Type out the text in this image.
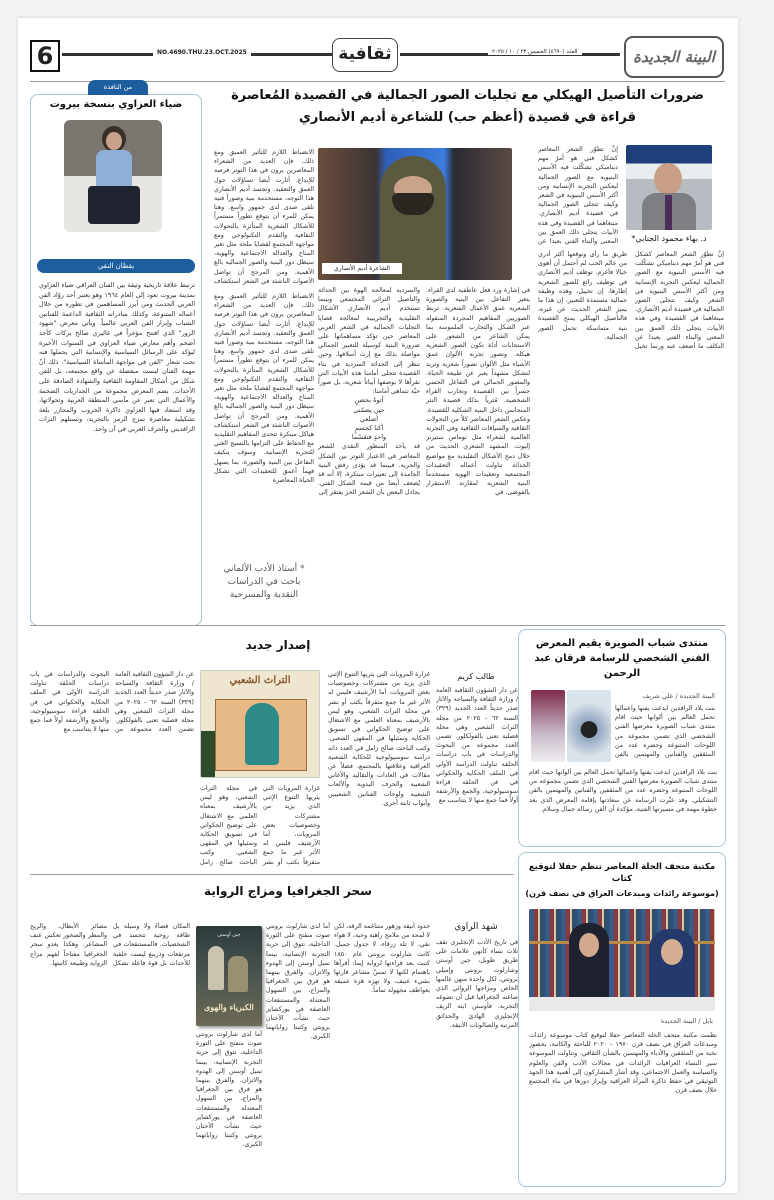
6	NO.4690.THU.23.OCT.2025	ثقافية	العدد (٤٦٩٠) الخميس ٢٣ / ١٠ / ٢٠٢٥	البينة الجديدة
ضرورات التأصيل الهيكلي مع تجليات الصور الجمالية في القصيدة المُعاصرة
قراءة في قصيدة (أعظم حب) للشاعرة أديم الأنصاري
د. بهاء محمود الجنابي*
إنَّ تطوّر الشعر المعاصر كشكل فني هو أمرٌ مهم ديناميكي تشكّلت فيه الأسس البنيوية مع الصور الجمالية ليعكس التجربة الإنسانية ومن أكثر الأسس البنيوية في الشعر وكيف تتجلى الصور الجمالية في قصيدة أديم الأنصاري. مبتغاهما في القصيدة وفي هذه الأبيات يتجلى ذلك العمق بين المعنى والبناء الفني بعيدا عن
إنَّ تطوّر الشعر المعاصر كشكل فني هو أمرٌ مهم ديناميكي تشكّلت فيه الأسس البنيوية مع الصور الجمالية ليعكس التجربة الإنسانية ومن أكثر الأسس البنيوية في الشعر وكيف تتجلى الصور الجمالية في قصيدة أديم الأنصاري. مبتغاهما في القصيدة وفي هذه الأبيات يتجلى ذلك العمق بين المعنى والبناء الفني بعيدا عن التكلف ما أضعف عنه وربما تخيل طريق ما رأى وتوقعها أكثر أدري من عالم الحب لم أحتمل أن أهوى خيالا فأغرم. توظف أديم الأنصاري في توظيف رائع للصور الشعرية إطارها، إن تخييل، وهذه وظيفة جمالية مستمدة للتعبير، إن هذا ما يميز الشعر الحديث عن غيره، فالتأصيل الهيكلي يمنح القصيدة بنية متماسكة تحمل الصور الجمالية.
الشاعرة أديم الأنصاري
الانضباط اللازم للتأثير العميق ومع ذلك، فإن العديد من الشعراء المعاصرين يرون في هذا التوتر فرصة للإبداع. أثارت أيضا تساؤلات حول العمق والتعقيد. وتجسد أديم الأنصاري هذا التوجه، مستخدمة بنية وصوراً فنية تلقى صدى لدى جمهور واسع. وهنا يمكن للمرء أن يتوقع تطوراً مستمراً للأشكال الشعرية المتأثرة بالتحولات الثقافية والتقدم التكنولوجي ومع مواجهة المجتمع لقضايا ملحة مثل تغير المناخ والعدالة الاجتماعية والهوية، سيظل دور البنية والصور الجمالية بالغ الأهمية. ومن المرجح أن تواصل الأصوات الناشئة في الشعر استكشاف
في إشارة ورد فعل عاطفية لدى القراء. يتغير التفاعل بين البنية والصورة الشعرية عمق الأعمال الشعرية. تربط الصوريين المفاهيم المجردة المنقولة عبر الشكل والتجارب الملموسة بما يمكن الشاعر من الشعور على الاستجابات أداة تكون الصور الشعرية هيكلة. وتصور تجربة الألوان عمق الأشياء مثل الألوان نصوراً شعرية وتريد لتشكل مشهداً يعبر عن طبيعة الحياة. والمصور الجمالي في التفاعل الحسي جسراً بين القصيدة وتجارب القراء الشخصية. مُثرياً بذلك قصيدة النثر المتجانس داخل البنية الشكلية للقصيدة. وعكس الشعر المعاصر كلاً من التحولات الثقافية والسياقات الثقافية وفي التجربة العالمية لشعراء مثل توماس ستيرنز إليوت. المشهد الشعري الحديث من خلال دمج الأشكال التقليدية مع مواضيع الحداثة تناولت أعماله التعقيدات المجتمعية وتعقيدات الهوية مستخدماً البنية الشعرية لمقارنة الاستقرار بالفوضى. في
والسردية لمعالجة الهوة بين الحداثة والتأصيل التراثي المجتمعي وبينما تستخدم أديم الأنصاري الأشكال التقليدية والتجريبية لمعالجة قضايا التجليات الجمالية في الشعر العربي المعاصر حين تؤكد مساهماتها على ضرورة البنية كوسيلة للتعبير الجمالي مواصلة بذلك مع إرث أسلافها. وحين ننظر إلى الحداثة السردية في بناء القصيدة تتجلى أمامنا هذه الأبيات التي نقرأها لا بوصفها أبياتاً شعرية، بل صوراً حيّة تتماهى أمامنا:
أتوهُ بحضنٍ
حين يضمّني
أضلعي
أكنا كجسمٍ
واحدٍ فتقسّما
قد يأخذ المنظور النقدي للشعر المعاصر في الاعتبار التوتر بين الشكل والحرية. فبينما قد يؤدي رفض البنية الجامدة إلى تعبيرات مبتكرة، إلا أنه قد يُضعف أيضا من قيمة الشكل الفني. يجادل البعض بأن الشعر الحر يفتقر إلى
الانضباط اللازم للتأثير العميق ومع ذلك، فإن العديد من الشعراء المعاصرين يرون في هذا التوتر فرصة للإبداع. أثارت أيضا تساؤلات حول العمق والتعقيد. وتجسد أديم الأنصاري هذا التوجه، مستخدمة بنية وصوراً فنية تلقى صدى لدى جمهور واسع. وهنا يمكن للمرء أن يتوقع تطوراً مستمراً للأشكال الشعرية المتأثرة بالتحولات الثقافية والتقدم التكنولوجي ومع مواجهة المجتمع لقضايا ملحة مثل تغير المناخ والعدالة الاجتماعية والهوية، سيظل دور البنية والصور الجمالية بالغ الأهمية. ومن المرجح أن تواصل الأصوات الناشئة في الشعر استكشاف هياكل مبتكرة تتحدى المفاهيم التقليدية مع الحفاظ على التزامها بالنسيج الغني للتجربة الإنسانية. وسوف يتكيف التفاعل بين البنية والصورة، بما يسهل فهماً أعمق للتعقيدات التي تشكل الحياة المعاصرة
* أستاذ الأدب الألماني باحث في الدراسات النقدية والمسرحية
من النافذة
ضياء العزاوي بنسخة بيروت
يقظان النقي
ترتبط علاقة تاريخية وثيقة بين الفنان العراقي ضياء العزاوي بمدينة بيروت تعود إلى العام ١٩٦٤ وهو يعتبر أحد روّاد الفن العربي الحديث ومن أبرز المساهمين في تطوره من خلال أعماله المتنوعة، وكذلك مبادراته الثقافية الداعمة للفنانين الشباب وإبراز الفن العربي عالمياً. ويأتي معرض "شهود الزور" الذي افتتح مؤخراً في غاليري صالح بركات كأحد أضخم وأهم معارض ضياء العزاوي في السنوات الأخيرة ليؤكد على الرسائل السياسية والإنسانية التي يحملها فنه تحت شعار "الفن في مواجهة المأساة السياسية". ذلك أنّ مهمة الفنان ليست منفصلة عن واقع مجتمعه، بل للفن شكل من أشكال المقاومة الثقافية والشهادة الصادقة على الأحداث. يضم المعرض مجموعة من الجداريات الضخمة والأعمال التي تعبر عن مآسي المنطقة العربية وتحولاتها، وقد استعاد فيها العزاوي ذاكرة الحروب والمجازر بلغة تشكيلية معاصرة تمزج الرمز بالتجريد، وتستلهم التراث الرافديني والحرف العربي في آن واحد.
منتدى شباب الصويرة يقيم المعرض الفني الشخصي للرسامة فرقان عبد الرحمن
البينة الجديدة / علي شريف
بنت بلاد الرافدين ابدعت بفنها واعمالها تحمل العالم بين ألوانها حيث اقام منتدى شباب الصويرة معرضها الفني الشخصي الذي تضمن مجموعة من اللوحات المتنوعة وحضره عدد من المثقفين والفنانين والمهتمين بالفن
بنت بلاد الرافدين ابدعت بفنها واعمالها تحمل العالم بين ألوانها حيث اقام منتدى شباب الصويرة معرضها الفني الشخصي الذي تضمن مجموعة من اللوحات المتنوعة وحضره عدد من المثقفين والفنانين والمهتمين بالفن التشكيلي. وقد عبّرت الرسامة عن سعادتها بإقامة المعرض الذي يعد خطوة مهمة في مسيرتها الفنية، مؤكدة أن الفن رسالة جمال وسلام.
إصدار جديد
التراث الشعبي	طالب كريم
عن دار الشؤون الثقافية العامة / وزارة الثقافة والسياحة والآثار صدر حديثاً العدد الجديد (٣٢٩) السنة ٦٢ - ٢٠٢٥ من مجلة التراث الشعبي وهي مجلة فصلية تعنى بالفولكلور. تضمن العدد مجموعة من البحوث والدراسات في باب دراسات الحلقة تناولت الدراسة الأولى في الملف الحكاية والحكواتي في فن الحلقة قراءة سوسيولوجية، والجمع والأرشفة أولاً فما جمع منها لا يتناسب مع
غزارة المرويات التي يثريها التنوع الإثني الذي يزيد من مشتركات وخصوصيات بعض المرويات، أما الأرشيف فليس له الأثر غير ما جمع متفرقاً بكتب أو نشر في مجلة التراث الشعبي، وهو ليس بالأرشيف بمعناه العلمي مع الاشتغال على توضيح الحكواتي في تسويق الحكاية وتمثيلها في المقهى الشعبي. وكتب الباحث صالح زامل في العدد ذاته دراسة سوسيولوجية للحكاية الشعبية العراقية وعلاقتها بالمجتمع، فضلاً عن مقالات في العادات والتقاليد والأغاني الشعبية والحرف اليدوية والألعاب الشعبية ولوحات الفنانين الشعبيين وأبواب ثابتة أخرى.
غزارة المرويات التي يثريها التنوع الإثني الذي يزيد من مشتركات وخصوصيات بعض المرويات، أما الأرشيف فليس له الأثر غير ما جمع متفرقاً بكتب أو نشر في مجلة التراث الشعبي، وهو ليس بالأرشيف بمعناه العلمي مع الاشتغال على توضيح الحكواتي في تسويق الحكاية وتمثيلها في المقهى الشعبي. وكتب الباحث صالح زامل
عن دار الشؤون الثقافية العامة / وزارة الثقافة والسياحة والآثار صدر حديثاً العدد الجديد (٣٢٩) السنة ٦٢ - ٢٠٢٥ من مجلة التراث الشعبي وهي مجلة فصلية تعنى بالفولكلور. تضمن العدد مجموعة من البحوث والدراسات في باب دراسات الحلقة تناولت الدراسة الأولى في الملف الحكاية والحكواتي في فن الحلقة قراءة سوسيولوجية، والجمع والأرشفة أولاً فما جمع منها لا يتناسب مع
سحر الجغرافيا ومزاج الرواية
شهد الراوي
في تاريخ الأدب الإنجليزي تقف ثلاث نساء كأنهن علامات على طريق طويل، جين أوستن وشارلوت برونتي وإميلي برونتي، لكل واحدة منهن عالمها الخاص ومزاجها الروائي الذي صاغته الجغرافيا قبل أن تصوغه التجربة. فأوستن ابنة الريف الإنجليزي الهادئ والحدائق المرتبة والصالونات الأنيقة.
حدود أنيقة وزهور متناغمة الرقة، لكن لا لمحة من ملامح راهبة وحية، لا هواء نقي، لا تلة زرقاء، لا جدول جميل. كانت شارلوت برونتي عام ١٨٥٠ كتبت بعد قراءتها لرواية إيما: أقرأها باهتمام لكنها لا تمسّ مشاعر قارئها بشيء عنيف، ولا تهزه هزة عميقة بعواطف مجهولة تماماً.
جين أوستن
الكبرياء والهوى
أما لدى شارلوت برونتي صوت منفتح على الثورة الداخلية، تتوق إلى حرية التجربة الإنسانية، بينما تميل أوستن إلى الهدوء والاتزان. والفرق بينهما هو فرق بين الجغرافيا والمزاج، بين السهول المعتدلة والمستنقعات العاصفة في يوركشاير حيث نشأت الأختان برونتي وكتبتا رواياتهما الكبرى.
المكان فضاءً ولا وسيلة بل طاقة روحية تتجسد في الشخصيات. فالمستنقعات في مرتفعات وذرينغ ليست خلفية للأحداث بل قوة فاعلة تشكل مصائر الأبطال، والريح والمطر والصخور تعكس عنف المشاعر. وهكذا يغدو سحر الجغرافيا مفتاحاً لفهم مزاج الرواية وطبيعة كاتبتها.
أما لدى شارلوت برونتي صوت منفتح على الثورة الداخلية، تتوق إلى حرية التجربة الإنسانية، بينما تميل أوستن إلى الهدوء والاتزان. والفرق بينهما هو فرق بين الجغرافيا والمزاج، بين السهول المعتدلة والمستنقعات العاصفة في يوركشاير حيث نشأت الأختان برونتي وكتبتا رواياتهما الكبرى.
مكتبة متحف الحلة المعاصر تنظم حفلا لتوقيع كتاب
(موسوعة رائدات ومبدعات العراق في نصف قرن)
بابل / البينة الجديدة
نظمت مكتبة متحف الحلة المعاصر حفلا لتوقيع كتاب موسوعة رائدات ومبدعات العراق في نصف قرن ١٩٧٠ - ٢٠٢٠ للباحثة والكاتبة، بحضور نخبة من المثقفين والأدباء والمهتمين بالشأن الثقافي. وتناولت الموسوعة سير النساء العراقيات الرائدات في مجالات الأدب والفن والعلوم والسياسة والعمل الاجتماعي، وقد أشار المشاركون إلى أهمية هذا الجهد التوثيقي في حفظ ذاكرة المرأة العراقية وإبراز دورها في بناء المجتمع خلال نصف قرن.
